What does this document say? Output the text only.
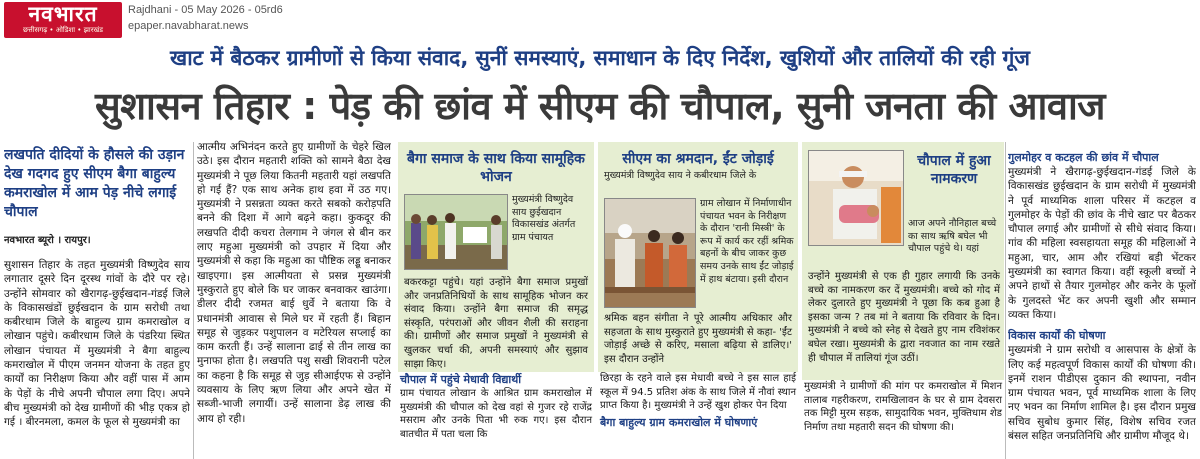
नवभारत
छत्तीसगढ़ • ओडिशा • झारखंड
Rajdhani - 05 May 2026 - 05rd6
epaper.navabharat.news
खाट में बैठकर ग्रामीणों से किया संवाद, सुनीं समस्याएं, समाधान के दिए निर्देश, खुशियों और तालियों की रही गूंज
सुशासन तिहार : पेड़ की छांव में सीएम की चौपाल, सुनी जनता की आवाज
लखपति दीदियों के हौसले की उड़ान देख गदगद हुए सीएम बैगा बाहुल्य कमराखोल में आम पेड़ नीचे लगाई चौपाल
नवभारत ब्यूरो । रायपुर।
सुशासन तिहार के तहत मुख्यमंत्री विष्णुदेव साय लगातार दूसरे दिन दूरस्थ गांवों के दौरे पर रहे। उन्होंने सोमवार को खैरागढ़-छुईखदान-गंडई जिले के विकासखंडों छुईखदान के ग्राम सरोधी तथा कबीरधाम जिले के बाहुल्य ग्राम कमराखोल व लोखान पहुंचे। कबीरधाम जिले के पंडरिया स्थित लोखान पंचायत में मुख्यमंत्री ने बैगा बाहुल्य कमराखोल में पीएम जनमन योजना के तहत हुए कार्यों का निरीक्षण किया और वहीं पास में आम के पेड़ों के नीचे अपनी चौपाल लगा दिए। अपने बीच मुख्यमंत्री को देख ग्रामीणों की भीड़ एकत्र हो गई । बीरनमला, कमल के फूल से मुख्यमंत्री का
आत्मीय अभिनंदन करते हुए ग्रामीणों के चेहरे खिल उठे। इस दौरान महतारी शक्ति को सामने बैठा देख मुख्यमंत्री ने पूछ लिया कितनी महतारी यहां लखपति हो गई हैं? एक साथ अनेक हाथ हवा में उठ गए। मुख्यमंत्री ने प्रसन्नता व्यक्त करते सबको करोड़पति बनने की दिशा में आगे बढ़ने कहा। कुकदूर की लखपति दीदी कचरा तेलगाम ने जंगल से बीन कर लाए महुआ मुख्यमंत्री को उपहार में दिया और मुख्यमंत्री से कहा कि महुआ का पौष्टिक लड्डू बनाकर खाइएगा। इस आत्मीयता से प्रसन्न मुख्यमंत्री मुस्कुराते हुए बोले कि घर जाकर बनवाकर खाउंगा। डीलर दीदी रजमत बाई धुर्वे ने बताया कि वे प्रधानमंत्री आवास से मिले घर में रहती हैं। बिहान समूह से जुड़कर पशुपालन व मटेरियल सप्लाई का काम करती हैं। उन्हें सालाना ढाई से तीन लाख का मुनाफा होता है। लखपति पशु सखी शिवरानी पटेल का कहना है कि समूह से जुड़ सीआईएफ से उन्होंने व्यवसाय के लिए ऋण लिया और अपने खेत में सब्जी-भाजी लगायीं। उन्हें सालाना डेढ़ लाख की आय हो रही।
बैगा समाज के साथ किया सामूहिक भोजन
मुख्यमंत्री विष्णुदेव साय छुईखदान विकासखंड अंतर्गत ग्राम पंचायत
बकरकट्टा पहुंचे। यहां उन्होंने बैगा समाज प्रमुखों और जनप्रतिनिधियों के साथ सामूहिक भोजन कर संवाद किया। उन्होंने बैगा समाज की समृद्ध संस्कृति, परंपराओं और जीवन शैली की सराहना की। ग्रामीणों और समाज प्रमुखों ने मुख्यमंत्री से खुलकर चर्चा की, अपनी समस्याएं और सुझाव साझा किए।
चौपाल में पहुंचे मेधावी विद्यार्थी
ग्राम पंचायत लोखान के आश्रित ग्राम कमराखोल में मुख्यमंत्री की चौपाल को देख वहां से गुजर रहे राजेंद्र मसराम और उनके पिता भी रुक गए। इस दौरान बातचीत में पता चला कि
सीएम का श्रमदान, ईंट जोड़ाई
मुख्यमंत्री विष्णुदेव साय ने कबीरधाम जिले के
ग्राम लोखान में निर्माणाधीन पंचायत भवन के निरीक्षण के दौरान 'रानी मिस्त्री' के रूप में कार्य कर रहीं श्रमिक बहनों के बीच जाकर कुछ समय उनके साथ ईंट जोड़ाई में हाथ बंटाया। इसी दौरान
श्रमिक बहन संगीता ने पूरे आत्मीय अधिकार और सहजता के साथ मुस्कुराते हुए मुख्यमंत्री से कहा- 'ईंट जोड़ाई अच्छे से करिए, मसाला बढ़िया से डालिए।' इस दौरान उन्होंने
छिरहा के रहने वाले इस मेधावी बच्चे ने इस साल हाई स्कूल में 94.5 प्रतिश अंक के साथ जिले में नौवां स्थान प्राप्त किया है। मुख्यमंत्री ने उन्हें खुश होकर पेन दिया
बैगा बाहुल्य ग्राम कमराखोल में घोषणाएं
चौपाल में हुआ नामकरण
आज अपने नौनिहाल बच्चे का साथ ऋषि बघेल भी चौपाल पहुंचे थे। यहां
उन्होंने मुख्यमंत्री से एक ही गुहार लगायी कि उनके बच्चे का नामकरण कर दें मुख्यमंत्री। बच्चे को गोद में लेकर दुलारते हुए मुख्यमंत्री ने पूछा कि कब हुआ है इसका जन्म ? तब मां ने बताया कि रविवार के दिन। मुख्यमंत्री ने बच्चे को स्नेह से देखते हुए नाम रविशंकर बघेल रखा। मुख्यमंत्री के द्वारा नवजात का नाम रखते ही चौपाल में तालियां गूंज उठीं।
मुख्यमंत्री ने ग्रामीणों की मांग पर कमराखोल में मिशन तालाब गहरीकरण, रामखिलावन के घर से ग्राम देवसरा तक मिट्टी मुरम सड़क, सामुदायिक भवन, मुक्तिधाम शेड निर्माण तथा महतारी सदन की घोषणा की।
गुलमोहर व कटहल की छांव में चौपाल
मुख्यमंत्री ने खैरागढ़-छुईखदान-गंडई जिले के विकासखंड छुईखदान के ग्राम सरोधी में मुख्यमंत्री ने पूर्व माध्यमिक शाला परिसर में कटहल व गुलमोहर के पेड़ों की छांव के नीचे खाट पर बैठकर चौपाल लगाई और ग्रामीणों से सीधे संवाद किया। गांव की महिला स्वसहायता समूह की महिलाओं ने महुआ, चार, आम और रखियां बड़ी भेंटकर मुख्यमंत्री का स्वागत किया। वहीं स्कूली बच्चों ने अपने हाथों से तैयार गुलमोहर और कनेर के फूलों के गुलदस्ते भेंट कर अपनी खुशी और सम्मान व्यक्त किया।
विकास कार्यों की घोषणा
मुख्यमंत्री ने ग्राम सरोधी व आसपास के क्षेत्रों के लिए कई महत्वपूर्ण विकास कार्यों की घोषणा की। इनमें राशन पीडीएस दुकान की स्थापना, नवीन ग्राम पंचायत भवन, पूर्व माध्यमिक शाला के लिए नए भवन का निर्माण शामिल है। इस दौरान प्रमुख सचिव सुबोध कुमार सिंह, विशेष सचिव रजत बंसल सहित जनप्रतिनिधि और ग्रामीण मौजूद थे।
